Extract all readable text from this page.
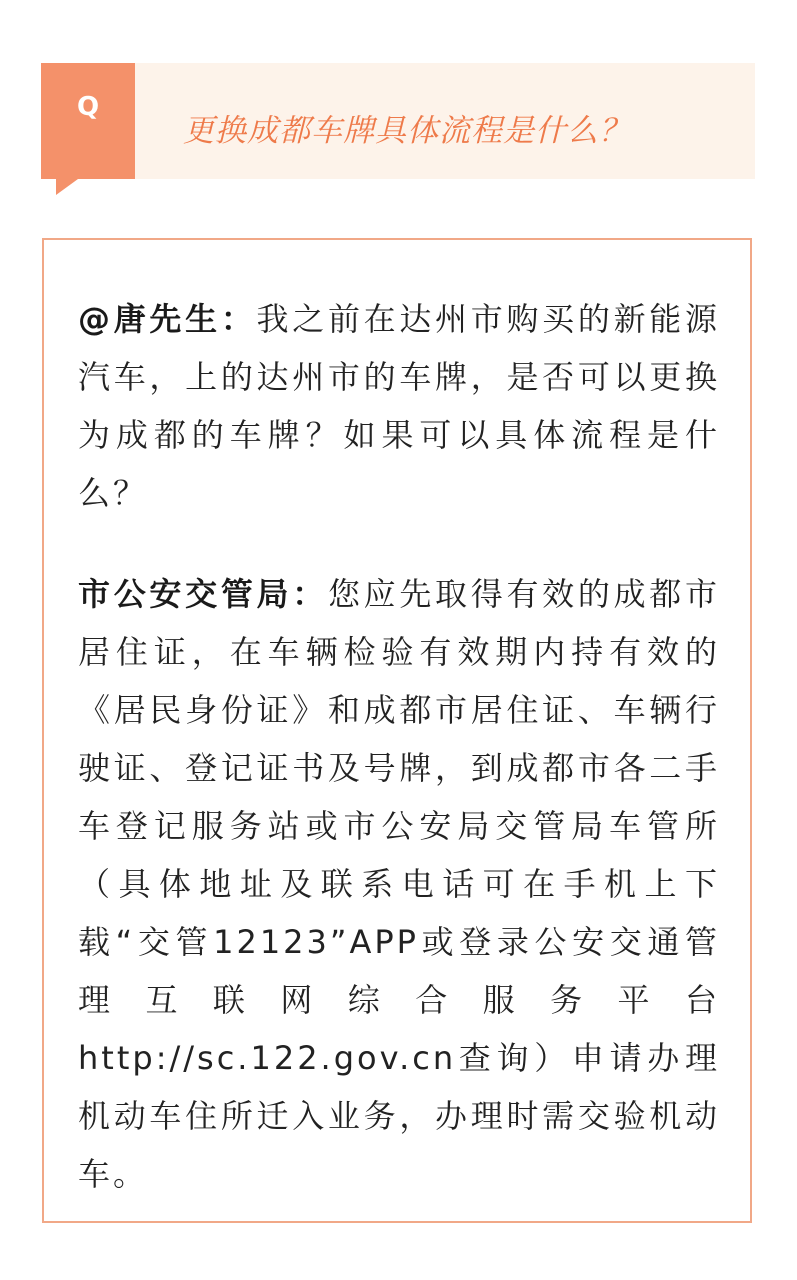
Q
更换成都车牌具体流程是什么？

@唐先生：我之前在达州市购买的新能源汽车，上的达州市的车牌，是否可以更换为成都的车牌？如果可以具体流程是什么？

市公安交管局：您应先取得有效的成都市居住证，在车辆检验有效期内持有效的《居民身份证》和成都市居住证、车辆行驶证、登记证书及号牌，到成都市各二手车登记服务站或市公安局交管局车管所（具体地址及联系电话可在手机上下载“交管12123”APP或登录公安交通管理互联网综合服务平台http://sc.122.gov.cn查询）申请办理机动车住所迁入业务，办理时需交验机动车。
